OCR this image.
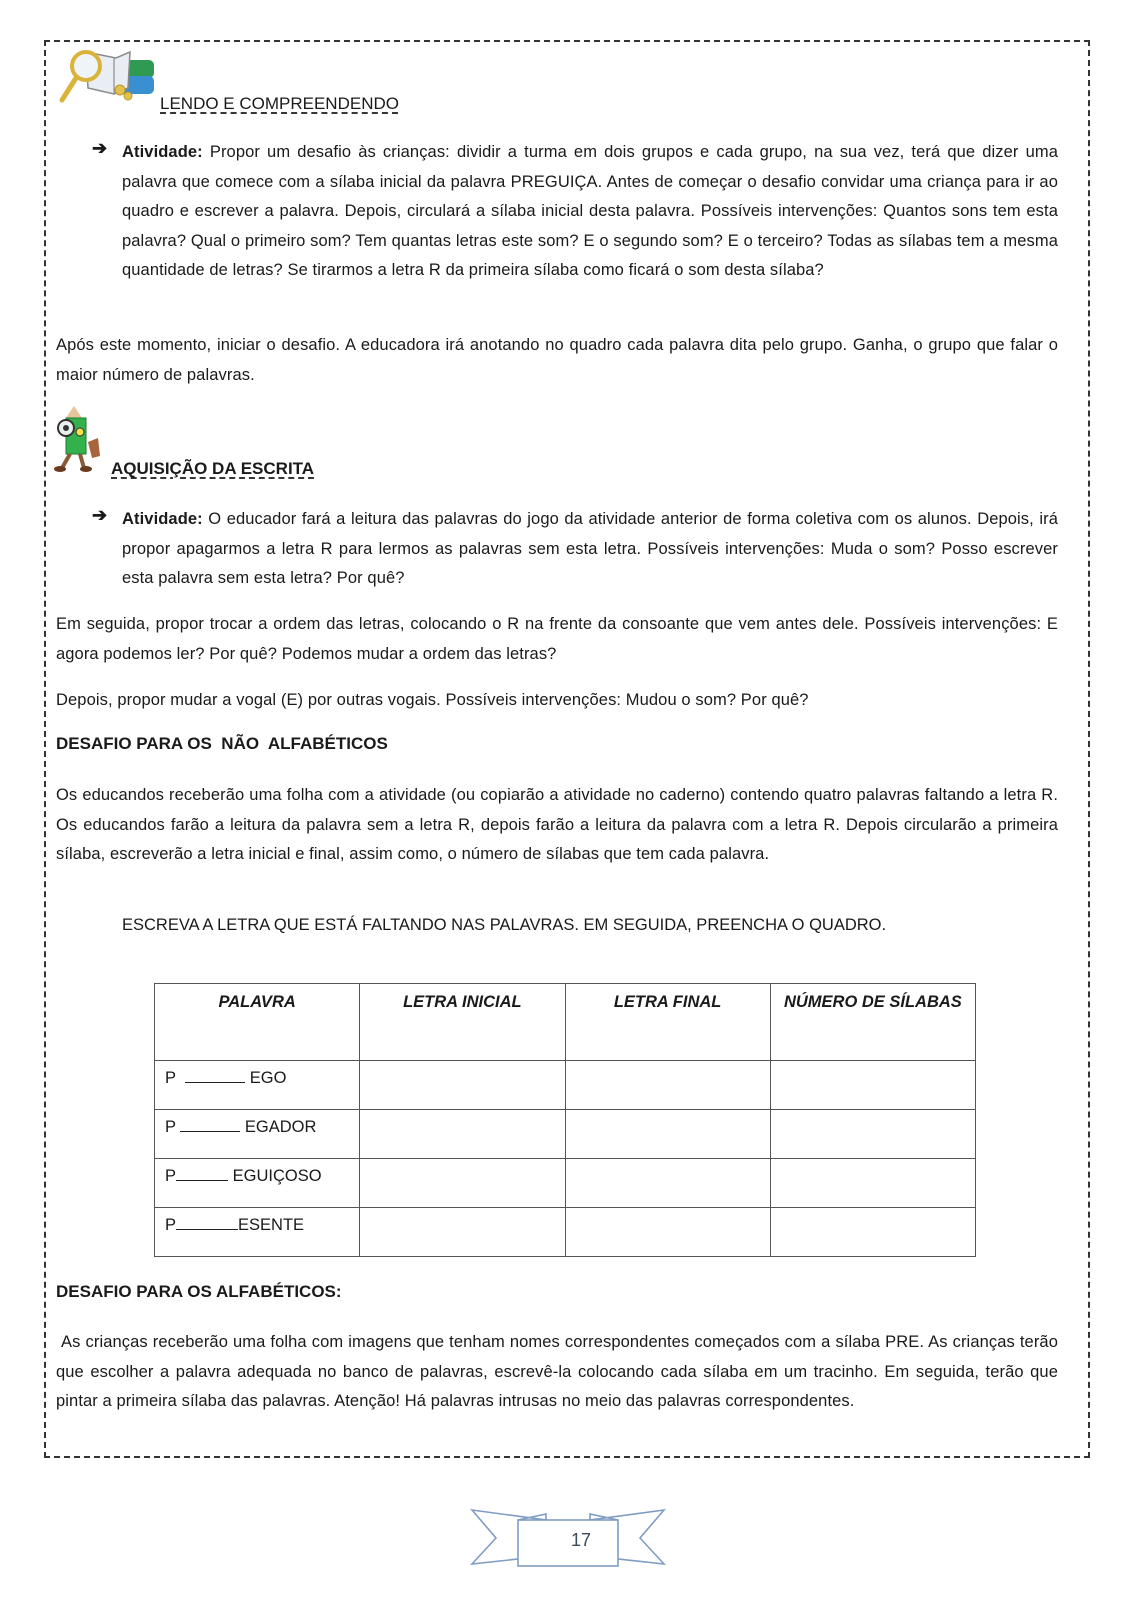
LENDO E COMPREENDENDO
➔ Atividade: Propor um desafio às crianças: dividir a turma em dois grupos e cada grupo, na sua vez, terá que dizer uma palavra que comece com a sílaba inicial da palavra PREGUIÇA. Antes de começar o desafio convidar uma criança para ir ao quadro e escrever a palavra. Depois, circulará a sílaba inicial desta palavra. Possíveis intervenções: Quantos sons tem esta palavra? Qual o primeiro som? Tem quantas letras este som? E o segundo som? E o terceiro? Todas as sílabas tem a mesma quantidade de letras? Se tirarmos a letra R da primeira sílaba como ficará o som desta sílaba?
Após este momento, iniciar o desafio. A educadora irá anotando no quadro cada palavra dita pelo grupo. Ganha, o grupo que falar o maior número de palavras.
AQUISIÇÃO DA ESCRITA
➔ Atividade: O educador fará a leitura das palavras do jogo da atividade anterior de forma coletiva com os alunos. Depois, irá propor apagarmos a letra R para lermos as palavras sem esta letra. Possíveis intervenções: Muda o som? Posso escrever esta palavra sem esta letra? Por quê?
Em seguida, propor trocar a ordem das letras, colocando o R na frente da consoante que vem antes dele. Possíveis intervenções: E agora podemos ler? Por quê? Podemos mudar a ordem das letras?
Depois, propor mudar a vogal (E) por outras vogais. Possíveis intervenções: Mudou o som? Por quê?
DESAFIO PARA OS  NÃO  ALFABÉTICOS
Os educandos receberão uma folha com a atividade (ou copiarão a atividade no caderno) contendo quatro palavras faltando a letra R. Os educandos farão a leitura da palavra sem a letra R, depois farão a leitura da palavra com a letra R. Depois circularão a primeira sílaba, escreverão a letra inicial e final, assim como, o número de sílabas que tem cada palavra.
ESCREVA A LETRA QUE ESTÁ FALTANDO NAS PALAVRAS. EM SEGUIDA, PREENCHA O QUADRO.
PALAVRA	LETRA INICIAL	LETRA FINAL	NÚMERO DE SÍLABAS
P EGO			
P EGADOR			
P EGUIÇOSO			
P ESENTE			
DESAFIO PARA OS ALFABÉTICOS:
As crianças receberão uma folha com imagens que tenham nomes correspondentes começados com a sílaba PRE. As crianças terão que escolher a palavra adequada no banco de palavras, escrevê-la colocando cada sílaba em um tracinho. Em seguida, terão que pintar a primeira sílaba das palavras. Atenção! Há palavras intrusas no meio das palavras correspondentes.
17
